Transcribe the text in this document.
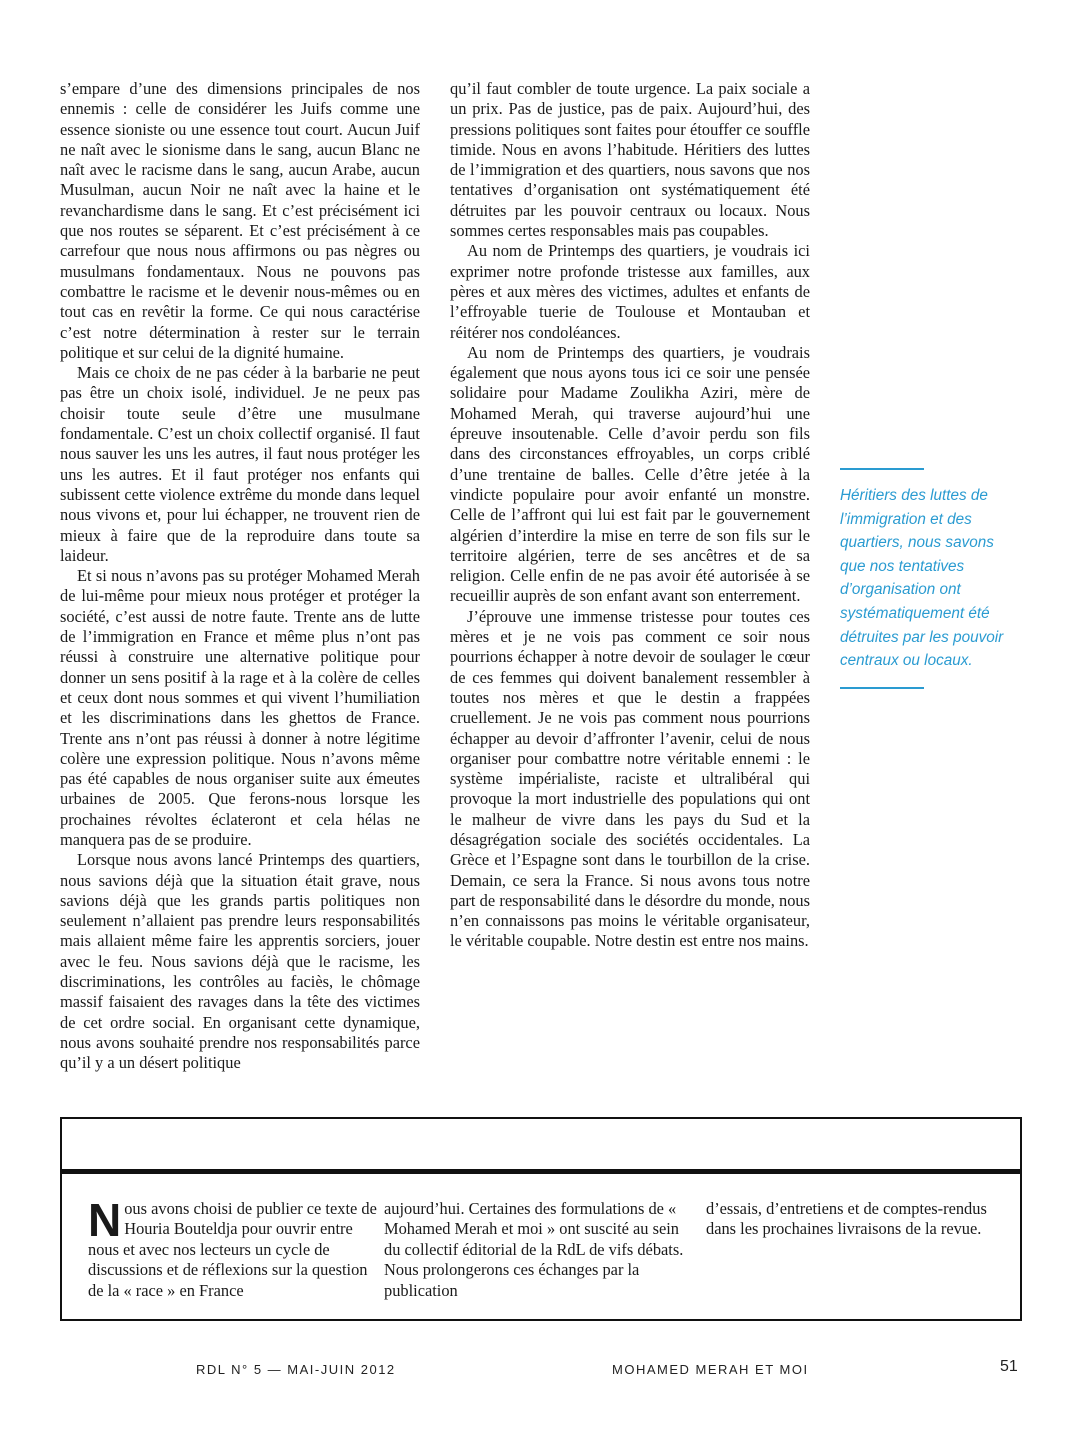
s’empare d’une des dimensions principales de nos ennemis : celle de considérer les Juifs comme une essence sioniste ou une essence tout court. Aucun Juif ne naît avec le sionisme dans le sang, aucun Blanc ne naît avec le racisme dans le sang, aucun Arabe, aucun Musulman, aucun Noir ne naît avec la haine et le revanchardisme dans le sang. Et c’est précisément ici que nos routes se séparent. Et c’est précisément à ce carrefour que nous nous affirmons ou pas nègres ou musulmans fondamentaux. Nous ne pouvons pas combattre le racisme et le devenir nous-mêmes ou en tout cas en revêtir la forme. Ce qui nous caractérise c’est notre détermination à rester sur le terrain politique et sur celui de la dignité humaine.

Mais ce choix de ne pas céder à la barbarie ne peut pas être un choix isolé, individuel. Je ne peux pas choisir toute seule d’être une musulmane fondamentale. C’est un choix collectif organisé. Il faut nous sauver les uns les autres, il faut nous protéger les uns les autres. Et il faut protéger nos enfants qui subissent cette violence extrême du monde dans lequel nous vivons et, pour lui échapper, ne trouvent rien de mieux à faire que de la reproduire dans toute sa laideur.

Et si nous n’avons pas su protéger Mohamed Merah de lui-même pour mieux nous protéger et protéger la société, c’est aussi de notre faute. Trente ans de lutte de l’immigration en France et même plus n’ont pas réussi à construire une alternative politique pour donner un sens positif à la rage et à la colère de celles et ceux dont nous sommes et qui vivent l’humiliation et les discriminations dans les ghettos de France. Trente ans n’ont pas réussi à donner à notre légitime colère une expression politique. Nous n’avons même pas été capables de nous organiser suite aux émeutes urbaines de 2005. Que ferons-nous lorsque les prochaines révoltes éclateront et cela hélas ne manquera pas de se produire.

Lorsque nous avons lancé Printemps des quartiers, nous savions déjà que la situation était grave, nous savions déjà que les grands partis politiques non seulement n’allaient pas prendre leurs responsabilités mais allaient même faire les apprentis sorciers, jouer avec le feu. Nous savions déjà que le racisme, les discriminations, les contrôles au faciès, le chômage massif faisaient des ravages dans la tête des victimes de cet ordre social. En organisant cette dynamique, nous avons souhaité prendre nos responsabilités parce qu’il y a un désert politique

qu’il faut combler de toute urgence. La paix sociale a un prix. Pas de justice, pas de paix. Aujourd’hui, des pressions politiques sont faites pour étouffer ce souffle timide. Nous en avons l’habitude. Héritiers des luttes de l’immigration et des quartiers, nous savons que nos tentatives d’organisation ont systématiquement été détruites par les pouvoir centraux ou locaux. Nous sommes certes responsables mais pas coupables.

Au nom de Printemps des quartiers, je voudrais ici exprimer notre profonde tristesse aux familles, aux pères et aux mères des victimes, adultes et enfants de l’effroyable tuerie de Toulouse et Montauban et réitérer nos condoléances.

Au nom de Printemps des quartiers, je voudrais également que nous ayons tous ici ce soir une pensée solidaire pour Madame Zoulikha Aziri, mère de Mohamed Merah, qui traverse aujourd’hui une épreuve insoutenable. Celle d’avoir perdu son fils dans des circonstances effroyables, un corps criblé d’une trentaine de balles. Celle d’être jetée à la vindicte populaire pour avoir enfanté un monstre. Celle de l’affront qui lui est fait par le gouvernement algérien d’interdire la mise en terre de son fils sur le territoire algérien, terre de ses ancêtres et de sa religion. Celle enfin de ne pas avoir été autorisée à se recueillir auprès de son enfant avant son enterrement.

J’éprouve une immense tristesse pour toutes ces mères et je ne vois pas comment ce soir nous pourrions échapper à notre devoir de soulager le cœur de ces femmes qui doivent banalement ressembler à toutes nos mères et que le destin a frappées cruellement. Je ne vois pas comment nous pourrions échapper au devoir d’affronter l’avenir, celui de nous organiser pour combattre notre véritable ennemi : le système impérialiste, raciste et ultralibéral qui provoque la mort industrielle des populations qui ont le malheur de vivre dans les pays du Sud et la désagrégation sociale des sociétés occidentales. La Grèce et l’Espagne sont dans le tourbillon de la crise. Demain, ce sera la France. Si nous avons tous notre part de responsabilité dans le désordre du monde, nous n’en connaissons pas moins le véritable organisateur, le véritable coupable. Notre destin est entre nos mains.

Héritiers des luttes de l’immigration et des quartiers, nous savons que nos tentatives d’organisation ont systématiquement été détruites par les pouvoir centraux ou locaux.
Nous avons choisi de publier ce texte de Houria Bouteldja pour ouvrir entre nous et avec nos lecteurs un cycle de discussions et de réflexions sur la question de la « race » en France
aujourd’hui. Certaines des formulations de « Mohamed Merah et moi » ont suscité au sein du collectif éditorial de la RdL de vifs débats. Nous prolongerons ces échanges par la publication
d’essais, d’entretiens et de comptes-rendus dans les prochaines livraisons de la revue.
RDL N° 5 — MAI-JUIN 2012	MOHAMED MERAH ET MOI	51
